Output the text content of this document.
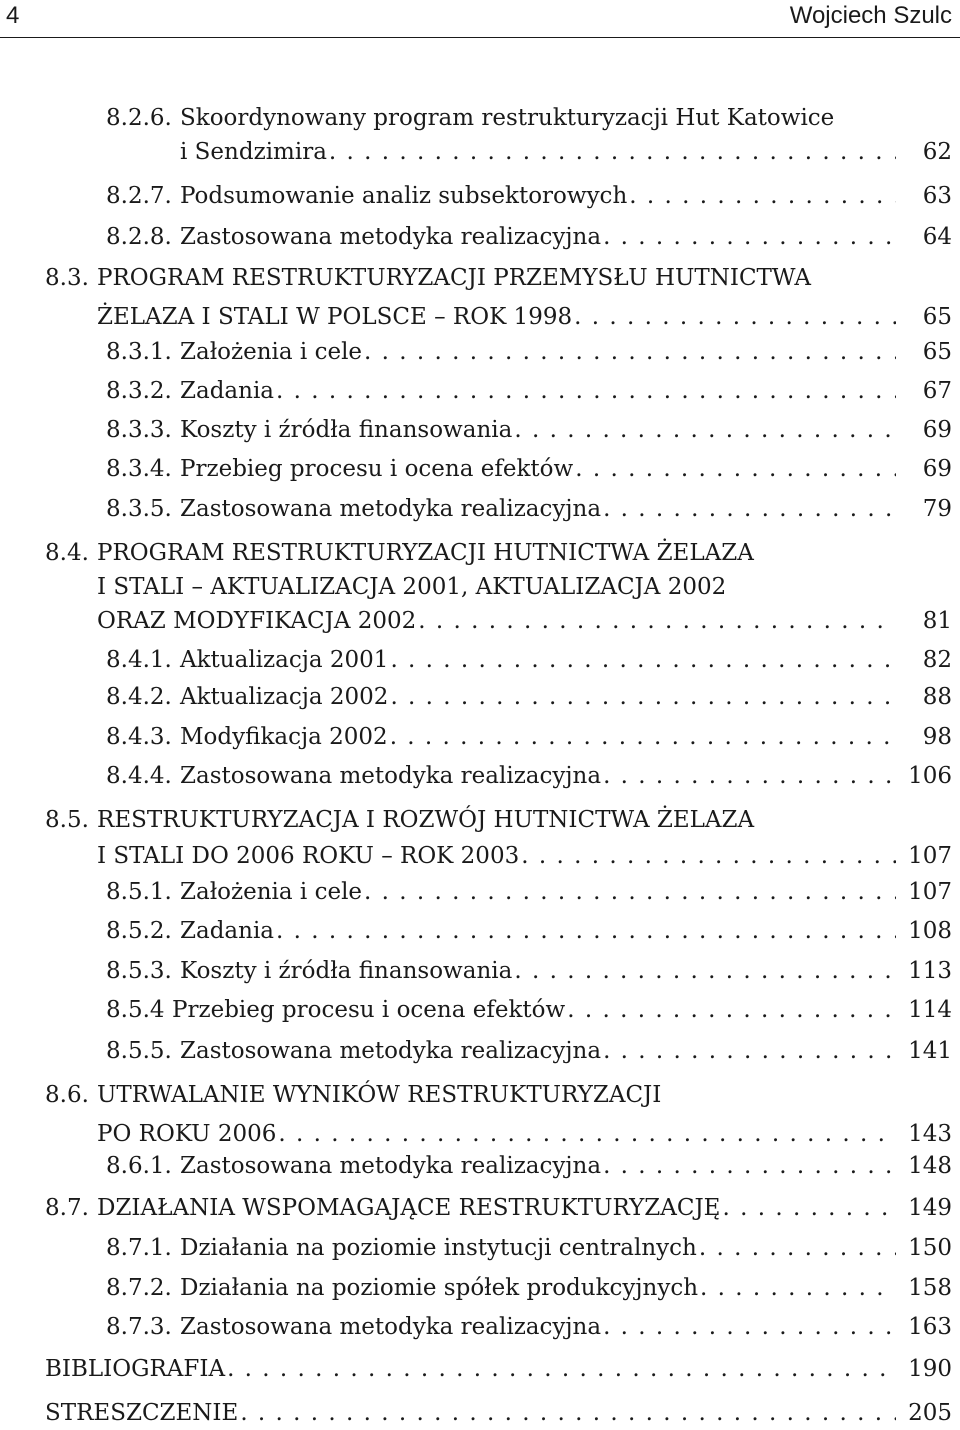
4	Wojciech Szulc
8.2.6. Skoordynowany program restrukturyzacji Hut Katowice
i Sendzimira . . .	62
8.2.7. Podsumowanie analiz subsektorowych . . .	63
8.2.8. Zastosowana metodyka realizacyjna . . .	64
8.3. PROGRAM RESTRUKTURYZACJI PRZEMYSŁU HUTNICTWA
ŻELAZA I STALI W POLSCE – ROK 1998 . . .	65
8.3.1. Założenia i cele . . .	65
8.3.2. Zadania . . .	67
8.3.3. Koszty i źródła finansowania . . .	69
8.3.4. Przebieg procesu i ocena efektów . . .	69
8.3.5. Zastosowana metodyka realizacyjna . . .	79
8.4. PROGRAM RESTRUKTURYZACJI HUTNICTWA ŻELAZA
I STALI – AKTUALIZACJA 2001, AKTUALIZACJA 2002
ORAZ MODYFIKACJA 2002 . . .	81
8.4.1. Aktualizacja 2001 . . .	82
8.4.2. Aktualizacja 2002 . . .	88
8.4.3. Modyfikacja 2002 . . .	98
8.4.4. Zastosowana metodyka realizacyjna . . .	106
8.5. RESTRUKTURYZACJA I ROZWÓJ HUTNICTWA ŻELAZA
I STALI DO 2006 ROKU – ROK 2003 . . .	107
8.5.1. Założenia i cele . . .	107
8.5.2. Zadania . . .	108
8.5.3. Koszty i źródła finansowania . . .	113
8.5.4 Przebieg procesu i ocena efektów . . .	114
8.5.5. Zastosowana metodyka realizacyjna . . .	141
8.6. UTRWALANIE WYNIKÓW RESTRUKTURYZACJI
PO ROKU 2006 . . .	143
8.6.1. Zastosowana metodyka realizacyjna . . .	148
8.7. DZIAŁANIA WSPOMAGAJĄCE RESTRUKTURYZACJĘ . . .	149
8.7.1. Działania na poziomie instytucji centralnych . . .	150
8.7.2. Działania na poziomie spółek produkcyjnych . . .	158
8.7.3. Zastosowana metodyka realizacyjna . . .	163
BIBLIOGRAFIA . . .	190
STRESZCZENIE . . .	205
